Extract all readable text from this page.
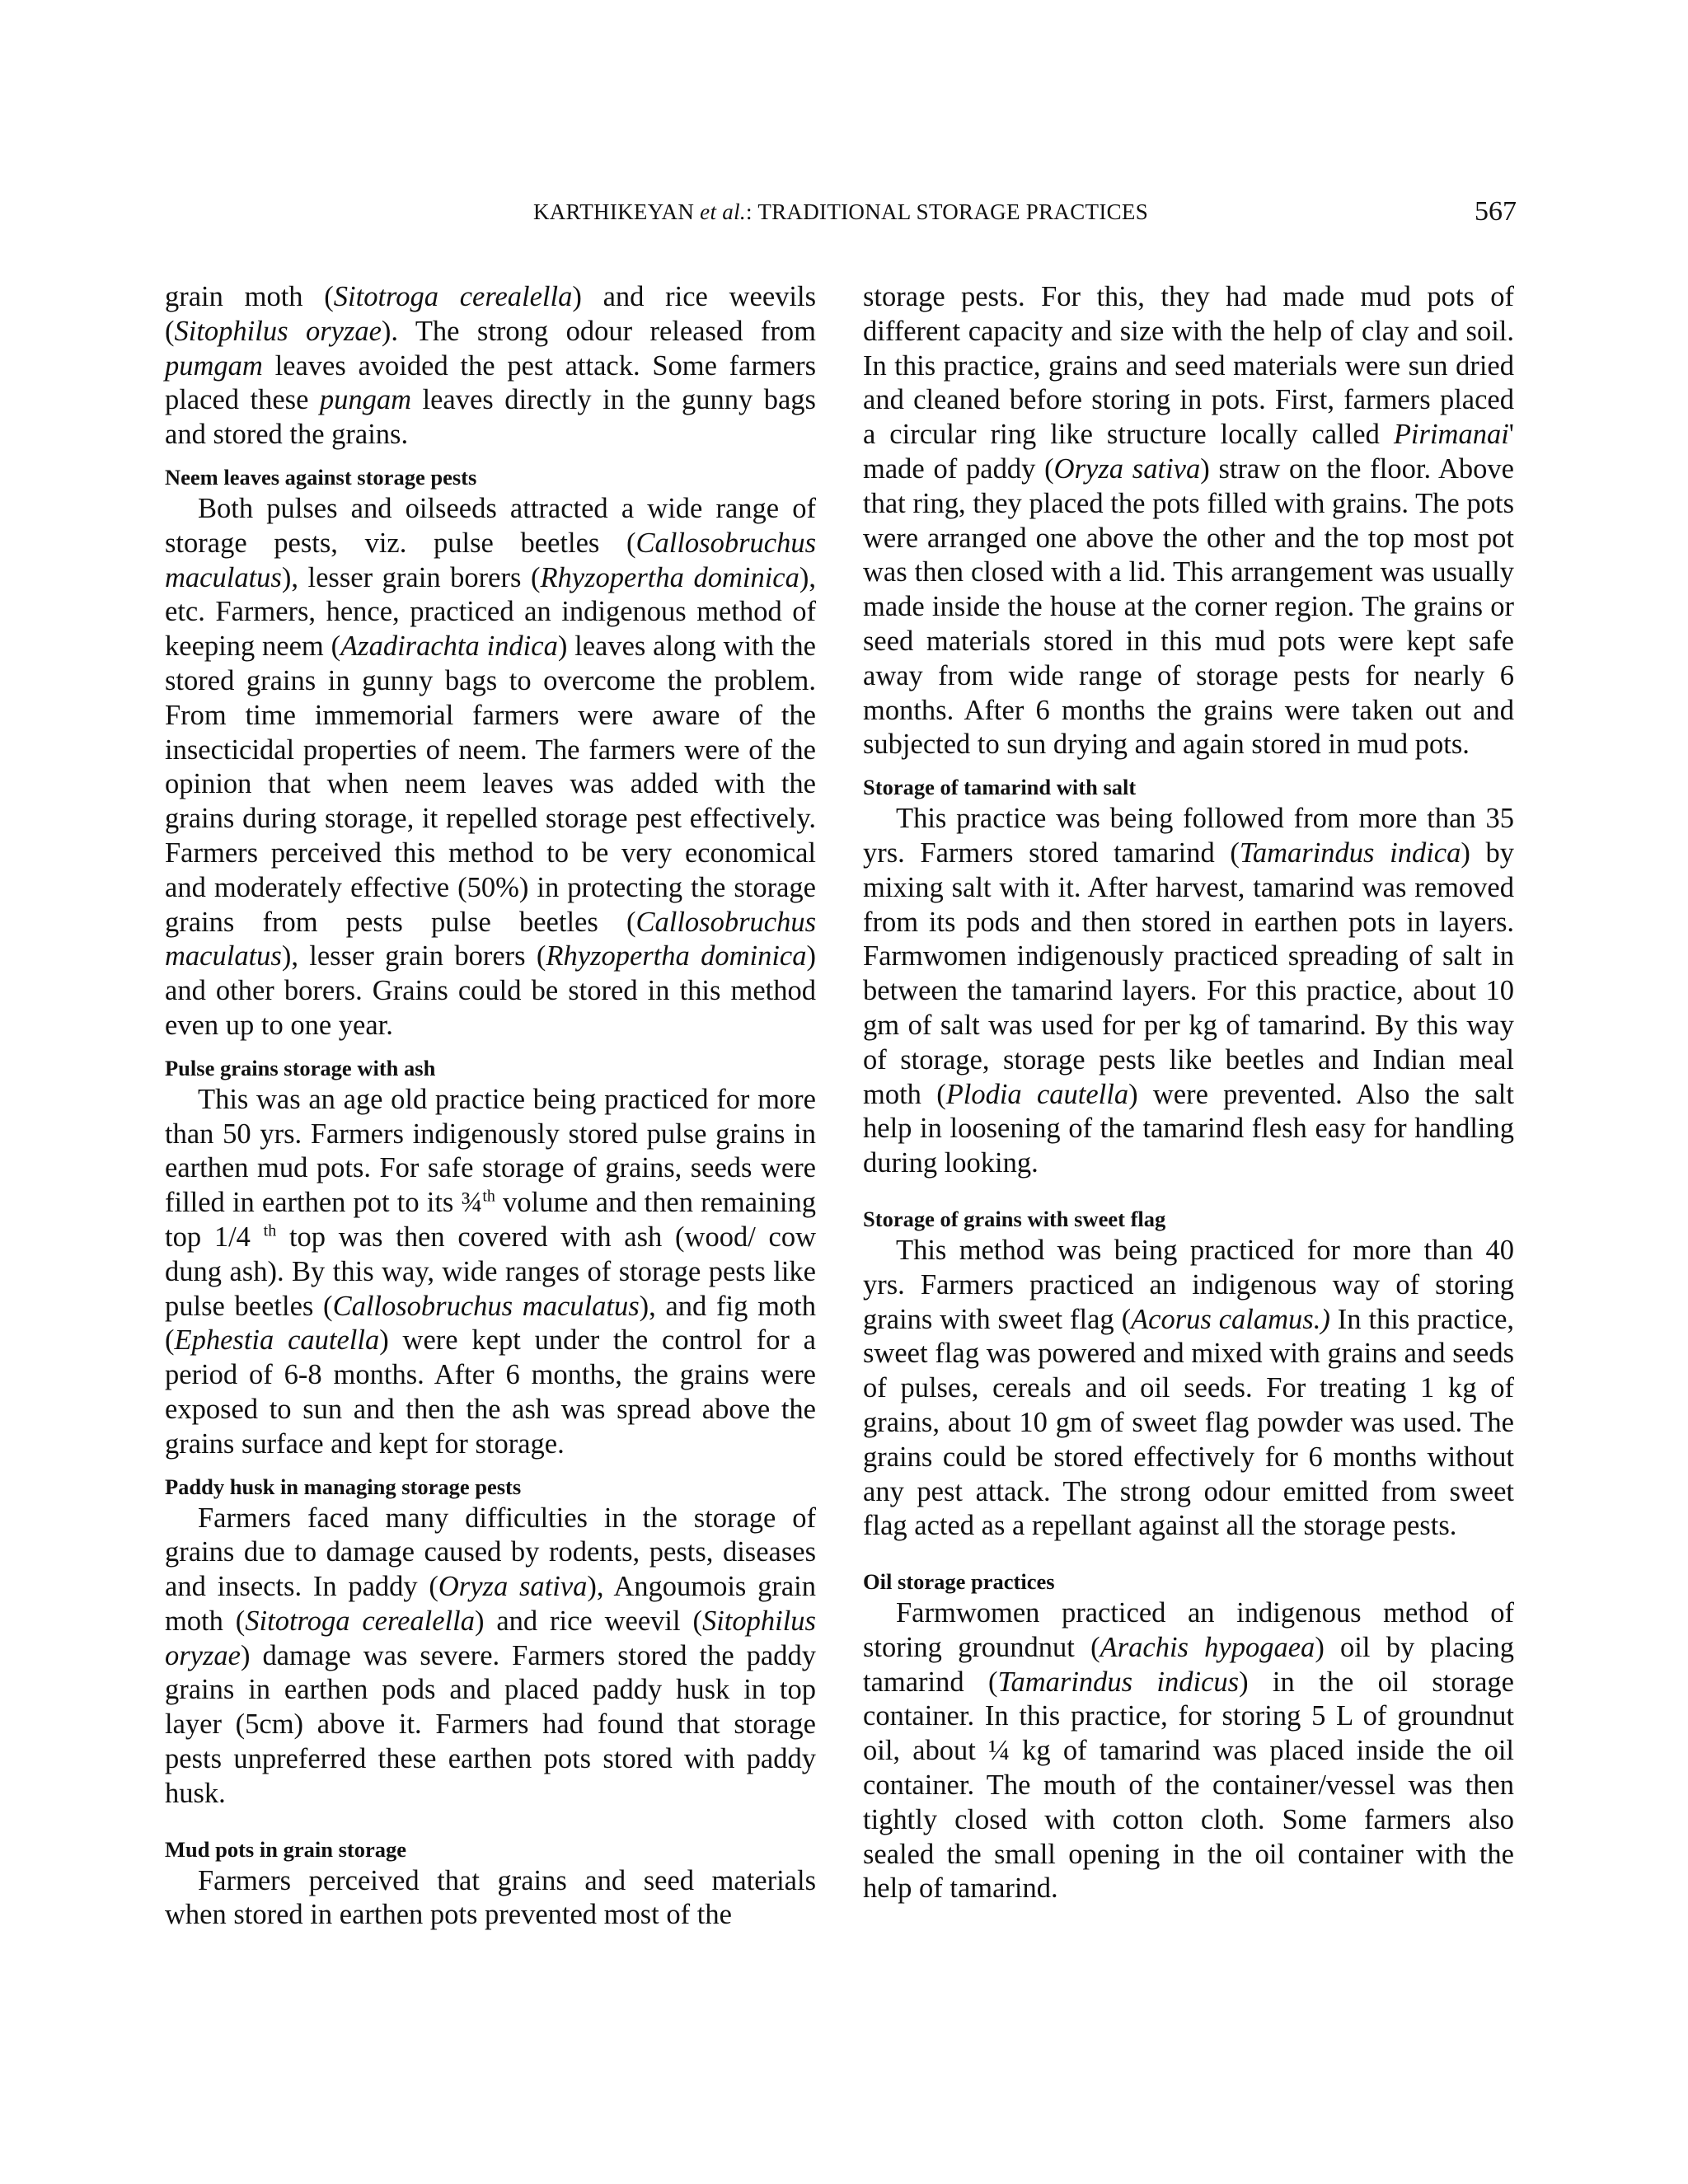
KARTHIKEYAN et al.: TRADITIONAL STORAGE PRACTICES	567

grain moth (Sitotroga cerealella) and rice weevils (Sitophilus oryzae). The strong odour released from pumgam leaves avoided the pest attack. Some farmers placed these pungam leaves directly in the gunny bags and stored the grains.

Neem leaves against storage pests

Both pulses and oilseeds attracted a wide range of storage pests, viz. pulse beetles (Callosobruchus maculatus), lesser grain borers (Rhyzopertha dominica), etc. Farmers, hence, practiced an indigenous method of keeping neem (Azadirachta indica) leaves along with the stored grains in gunny bags to overcome the problem. From time immemorial farmers were aware of the insecticidal properties of neem. The farmers were of the opinion that when neem leaves was added with the grains during storage, it repelled storage pest effectively. Farmers perceived this method to be very economical and moderately effective (50%) in protecting the storage grains from pests pulse beetles (Callosobruchus maculatus), lesser grain borers (Rhyzopertha dominica) and other borers. Grains could be stored in this method even up to one year.

Pulse grains storage with ash

This was an age old practice being practiced for more than 50 yrs. Farmers indigenously stored pulse grains in earthen mud pots. For safe storage of grains, seeds were filled in earthen pot to its ¾$^{th}$ volume and then remaining top 1/4 $^{th}$ top was then covered with ash (wood/ cow dung ash). By this way, wide ranges of storage pests like pulse beetles (Callosobruchus maculatus), and fig moth (Ephestia cautella) were kept under the control for a period of 6-8 months. After 6 months, the grains were exposed to sun and then the ash was spread above the grains surface and kept for storage.

Paddy husk in managing storage pests

Farmers faced many difficulties in the storage of grains due to damage caused by rodents, pests, diseases and insects. In paddy (Oryza sativa), Angoumois grain moth (Sitotroga cerealella) and rice weevil (Sitophilus oryzae) damage was severe. Farmers stored the paddy grains in earthen pods and placed paddy husk in top layer (5cm) above it. Farmers had found that storage pests unpreferred these earthen pots stored with paddy husk.

Mud pots in grain storage

Farmers perceived that grains and seed materials when stored in earthen pots prevented most of the

storage pests. For this, they had made mud pots of different capacity and size with the help of clay and soil. In this practice, grains and seed materials were sun dried and cleaned before storing in pots. First, farmers placed a circular ring like structure locally called Pirimanai' made of paddy (Oryza sativa) straw on the floor. Above that ring, they placed the pots filled with grains. The pots were arranged one above the other and the top most pot was then closed with a lid. This arrangement was usually made inside the house at the corner region. The grains or seed materials stored in this mud pots were kept safe away from wide range of storage pests for nearly 6 months. After 6 months the grains were taken out and subjected to sun drying and again stored in mud pots.

Storage of tamarind with salt

This practice was being followed from more than 35 yrs. Farmers stored tamarind (Tamarindus indica) by mixing salt with it. After harvest, tamarind was removed from its pods and then stored in earthen pots in layers. Farmwomen indigenously practiced spreading of salt in between the tamarind layers. For this practice, about 10 gm of salt was used for per kg of tamarind. By this way of storage, storage pests like beetles and Indian meal moth (Plodia cautella) were prevented. Also the salt help in loosening of the tamarind flesh easy for handling during looking.

Storage of grains with sweet flag

This method was being practiced for more than 40 yrs. Farmers practiced an indigenous way of storing grains with sweet flag (Acorus calamus.) In this practice, sweet flag was powered and mixed with grains and seeds of pulses, cereals and oil seeds. For treating 1 kg of grains, about 10 gm of sweet flag powder was used. The grains could be stored effectively for 6 months without any pest attack. The strong odour emitted from sweet flag acted as a repellant against all the storage pests.

Oil storage practices

Farmwomen practiced an indigenous method of storing groundnut (Arachis hypogaea) oil by placing tamarind (Tamarindus indicus) in the oil storage container. In this practice, for storing 5 L of groundnut oil, about ¼ kg of tamarind was placed inside the oil container. The mouth of the container/vessel was then tightly closed with cotton cloth. Some farmers also sealed the small opening in the oil container with the help of tamarind.
